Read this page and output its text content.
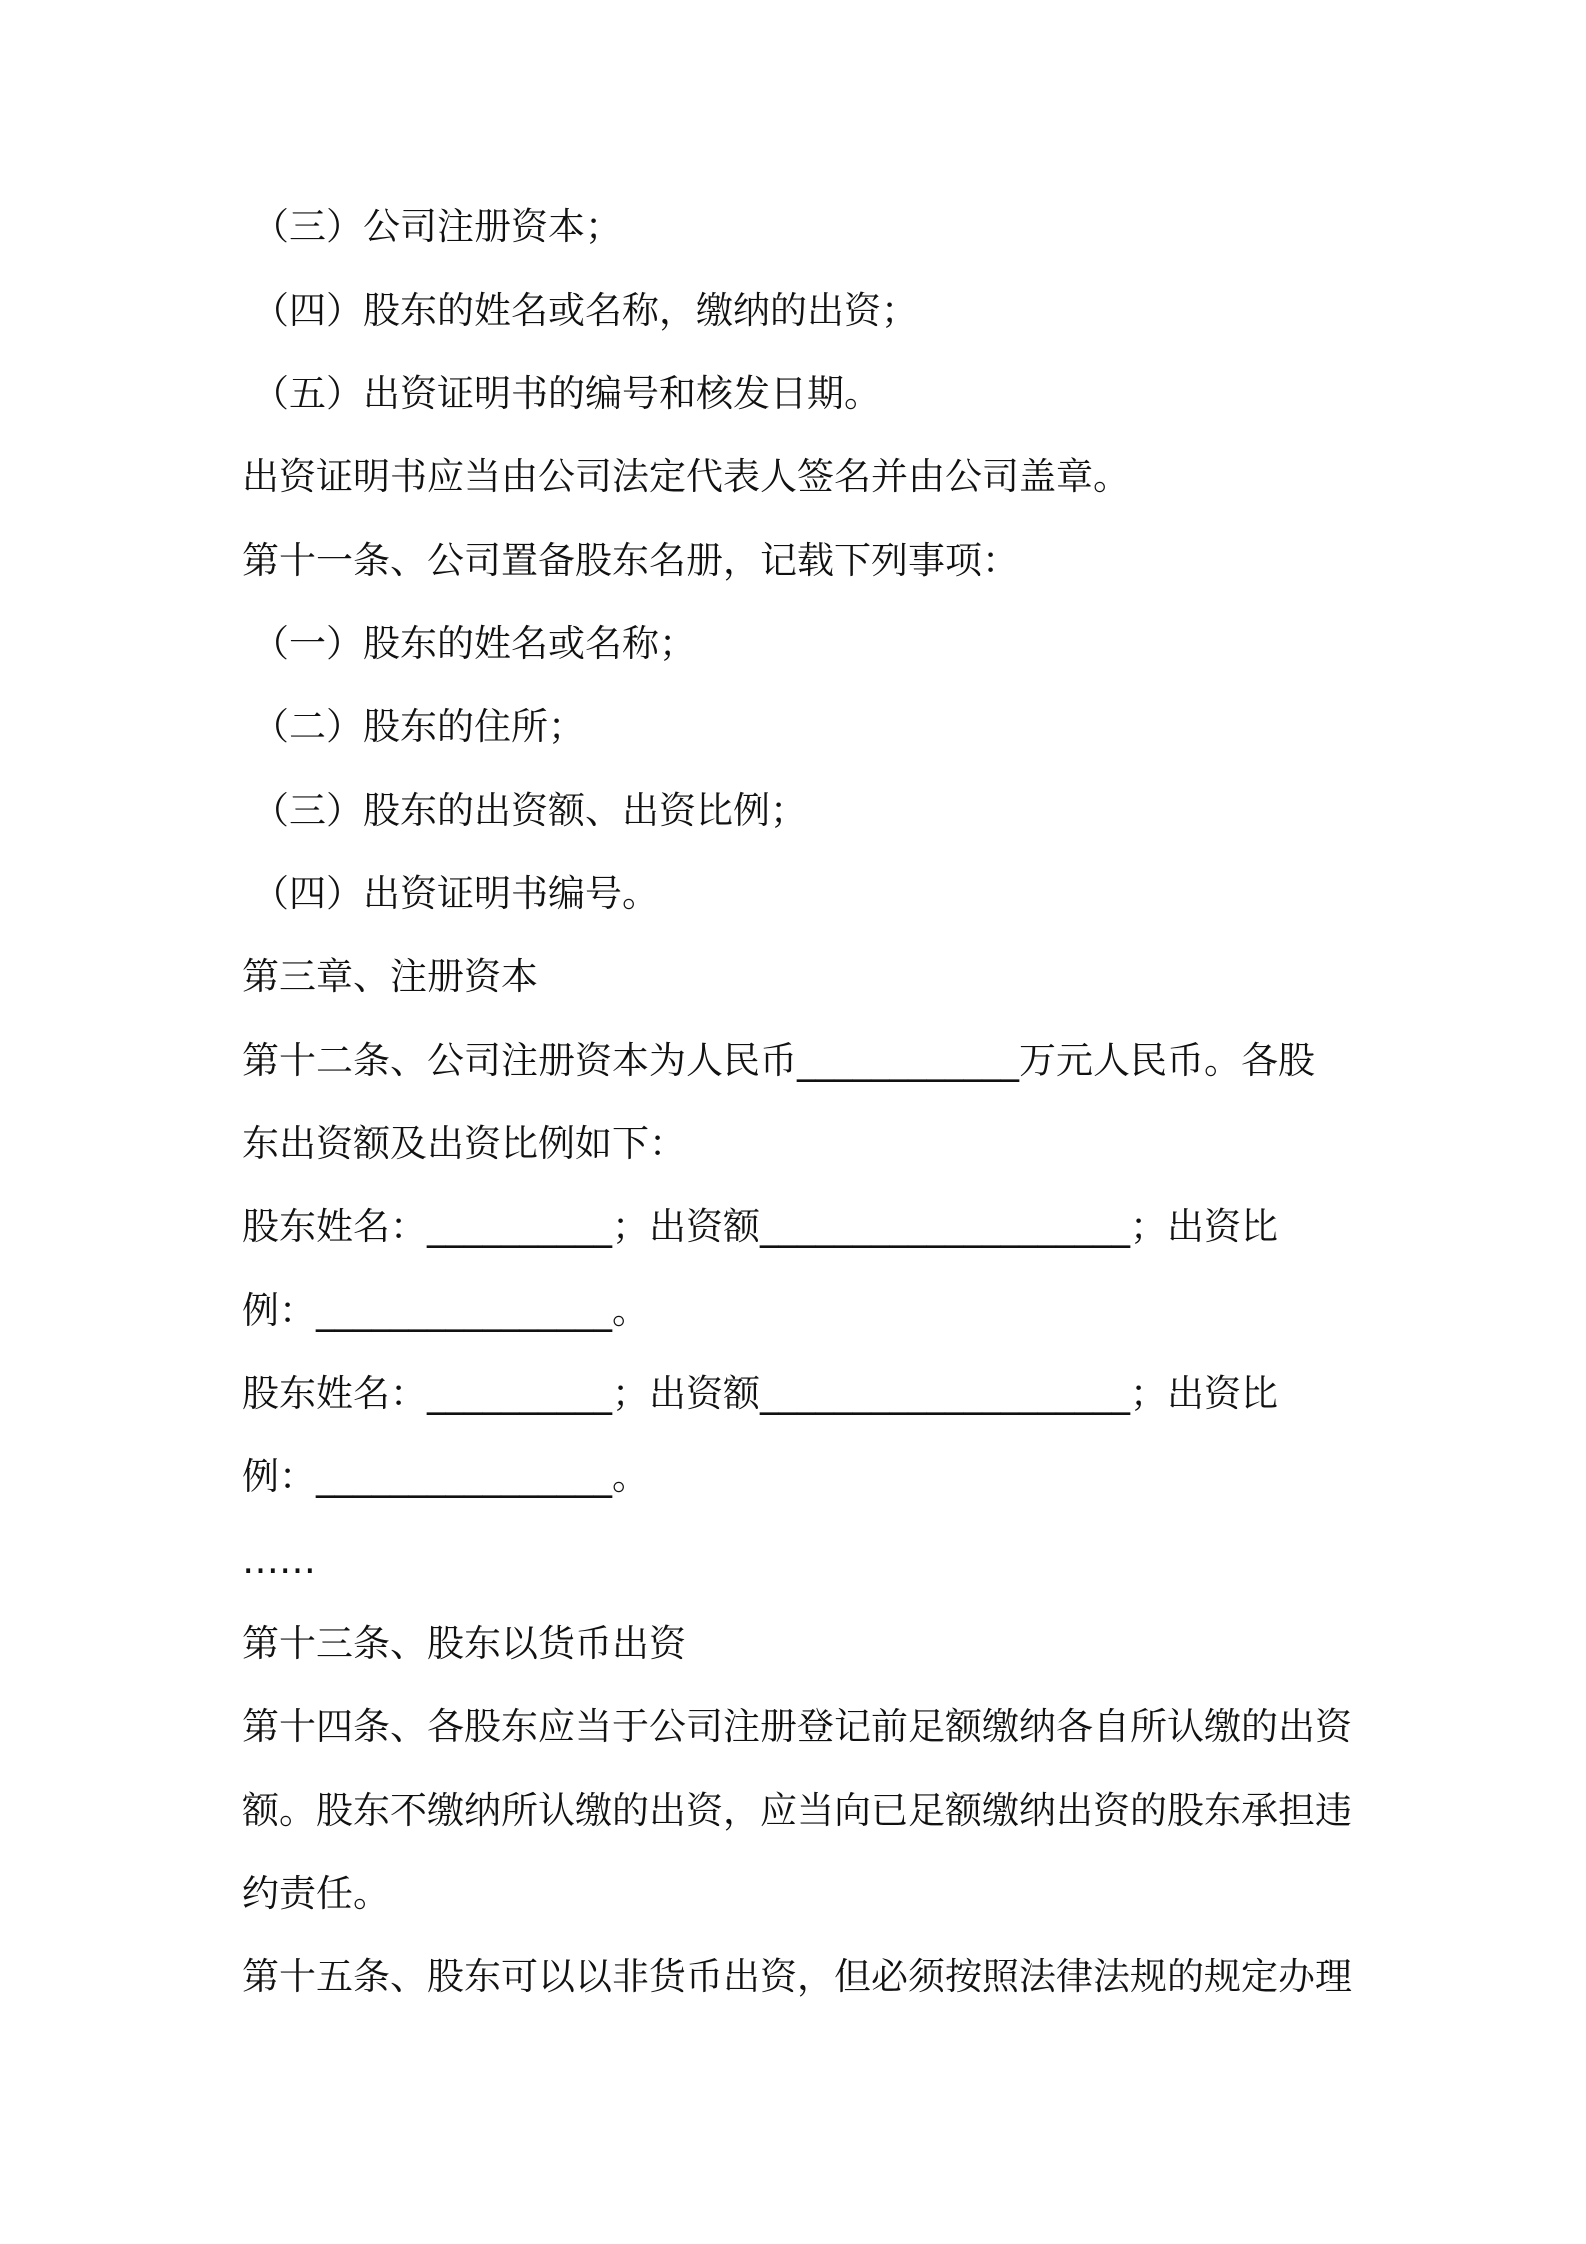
（三）公司注册资本；
（四）股东的姓名或名称，缴纳的出资；
（五）出资证明书的编号和核发日期。
出资证明书应当由公司法定代表人签名并由公司盖章。
第十一条、公司置备股东名册，记载下列事项：
（一）股东的姓名或名称；
（二）股东的住所；
（三）股东的出资额、出资比例；
（四）出资证明书编号。
第三章、注册资本
第十二条、公司注册资本为人民币____________万元人民币。各股
东出资额及出资比例如下：
股东姓名：__________；出资额____________________；出资比
例：________________。
股东姓名：__________；出资额____________________；出资比
例：________________。
……
第十三条、股东以货币出资
第十四条、各股东应当于公司注册登记前足额缴纳各自所认缴的出资
额。股东不缴纳所认缴的出资，应当向已足额缴纳出资的股东承担违
约责任。
第十五条、股东可以以非货币出资，但必须按照法律法规的规定办理
